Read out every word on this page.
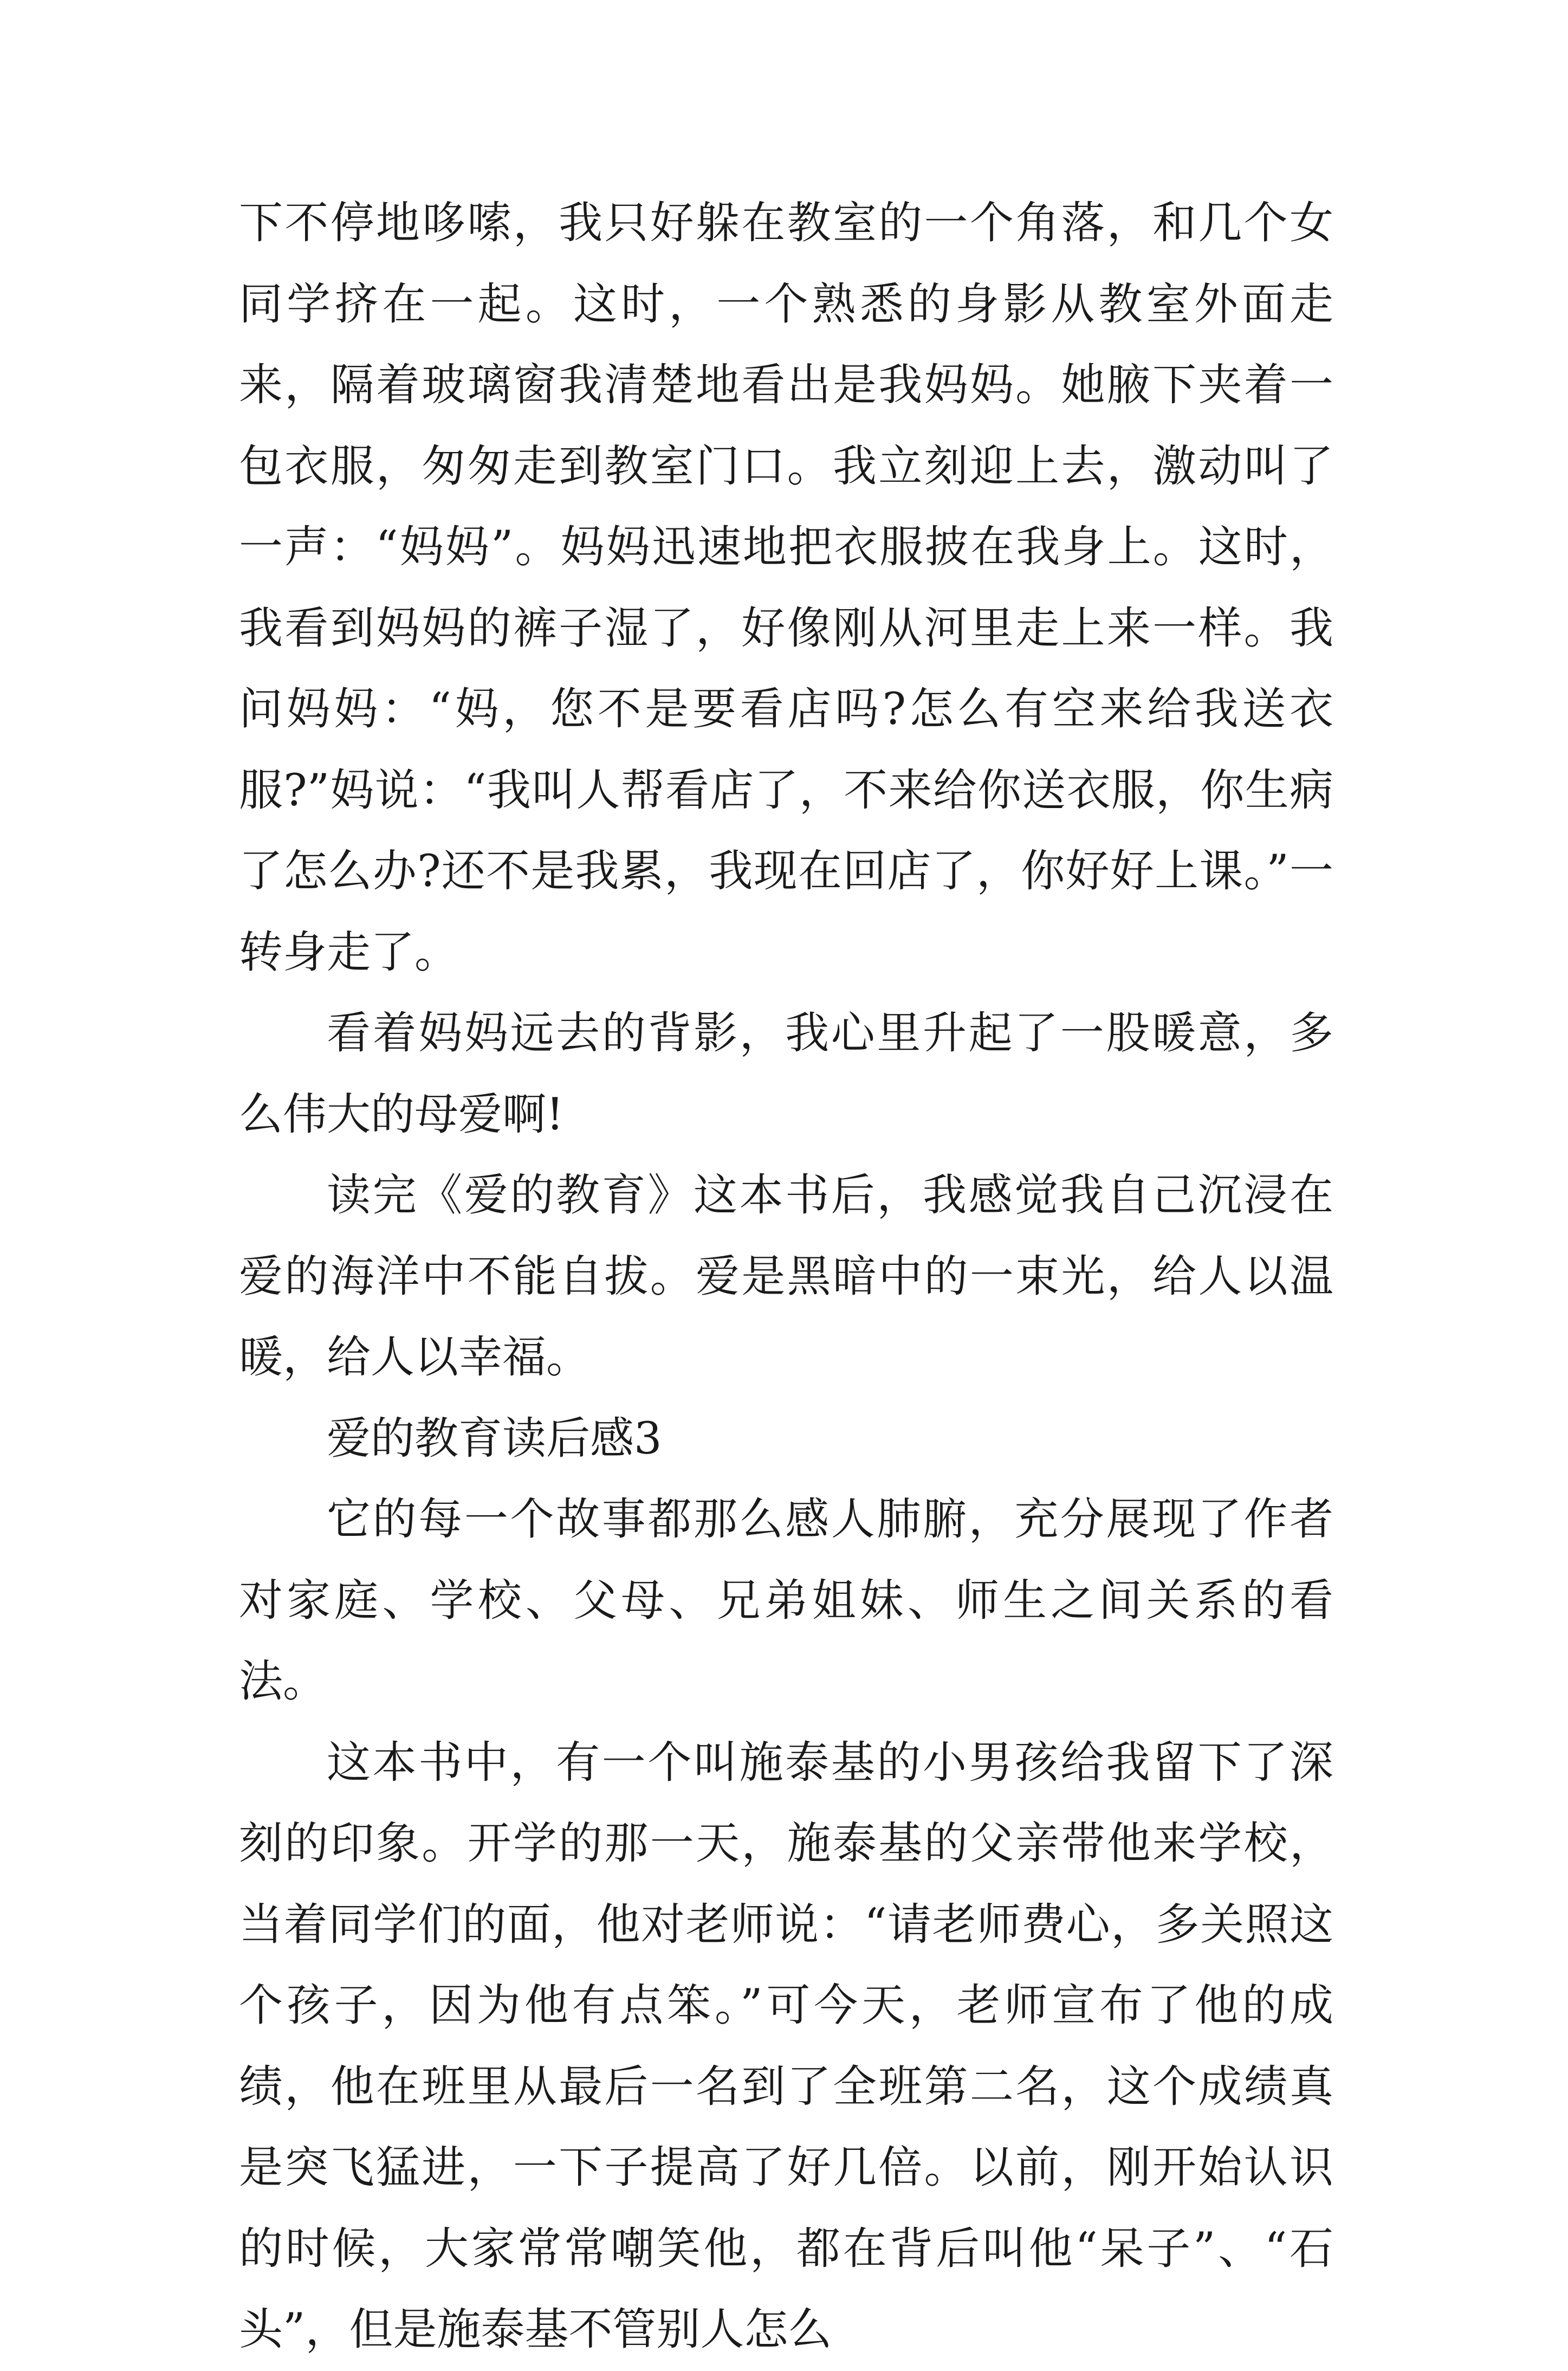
下不停地哆嗦，我只好躲在教室的一个角落，和几个女同学挤在一起。这时，一个熟悉的身影从教室外面走来，隔着玻璃窗我清楚地看出是我妈妈。她腋下夹着一包衣服，匆匆走到教室门口。我立刻迎上去，激动叫了一声：“妈妈”。妈妈迅速地把衣服披在我身上。这时，我看到妈妈的裤子湿了，好像刚从河里走上来一样。我问妈妈：“妈，您不是要看店吗?怎么有空来给我送衣服?”妈说：“我叫人帮看店了，不来给你送衣服，你生病了怎么办?还不是我累，我现在回店了，你好好上课。”一转身走了。

看着妈妈远去的背影，我心里升起了一股暖意，多么伟大的母爱啊!

读完《爱的教育》这本书后，我感觉我自己沉浸在爱的海洋中不能自拔。爱是黑暗中的一束光，给人以温暖，给人以幸福。

爱的教育读后感3

它的每一个故事都那么感人肺腑，充分展现了作者对家庭、学校、父母、兄弟姐妹、师生之间关系的看法。

这本书中，有一个叫施泰基的小男孩给我留下了深刻的印象。开学的那一天，施泰基的父亲带他来学校，当着同学们的面，他对老师说：“请老师费心，多关照这个孩子，因为他有点笨。”可今天，老师宣布了他的成绩，他在班里从最后一名到了全班第二名，这个成绩真是突飞猛进，一下子提高了好几倍。以前，刚开始认识的时候，大家常常嘲笑他，都在背后叫他“呆子”、“石头”，但是施泰基不管别人怎么
